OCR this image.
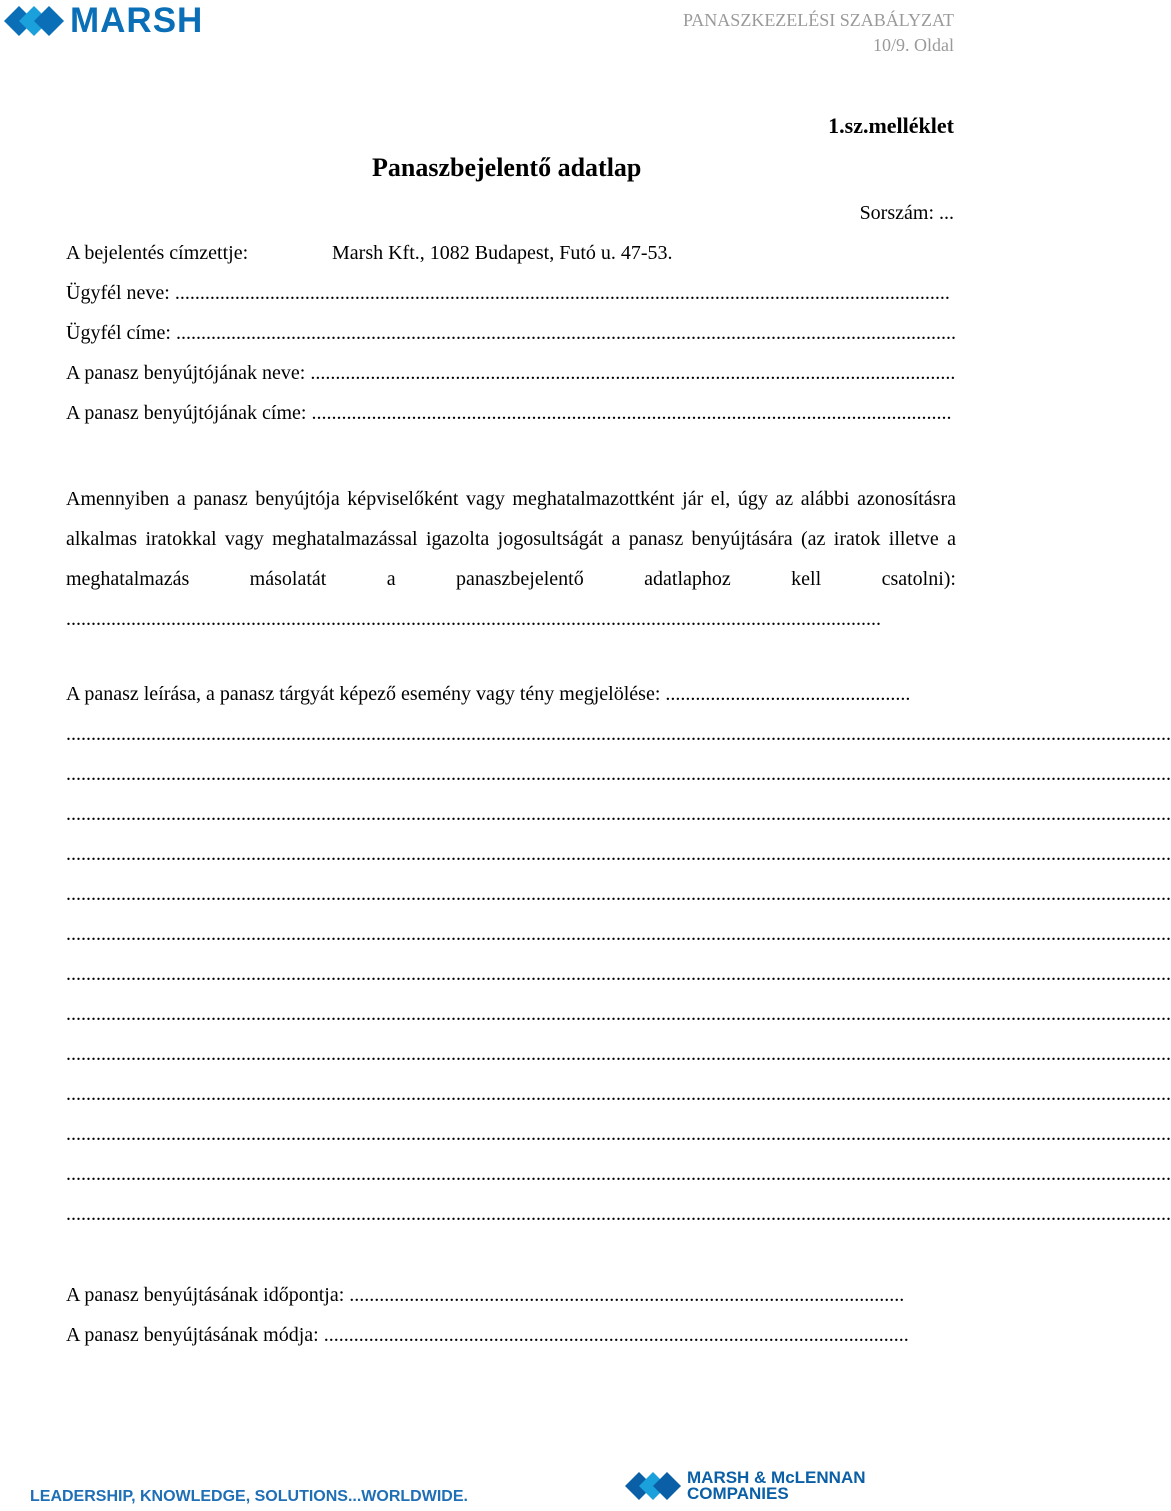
MARSH	PANASZKEZELÉSI SZABÁLYZAT
10/9. Oldal
1.sz.melléklet
Panaszbejelentő adatlap
Sorszám: ...
A bejelentés címzettje:	Marsh Kft., 1082 Budapest, Futó u. 47-53.
Ügyfél neve: ...........................................................................................................................................................
Ügyfél címe: ............................................................................................................................................................
A panasz benyújtójának neve: .................................................................................................................................
A panasz benyújtójának címe: ................................................................................................................................
Amennyiben a panasz benyújtója képviselőként vagy meghatalmazottként jár el, úgy az alábbi azonosításra alkalmas iratokkal vagy meghatalmazással igazolta jogosultságát a panasz benyújtására (az iratok illetve a meghatalmazás másolatát a panaszbejelentő adatlaphoz kell csatolni): ...................................................................................................................................................................
A panasz leírása, a panasz tárgyát képező esemény vagy tény megjelölése: .................................................
.............................................................................................................................................................................................................................
.............................................................................................................................................................................................................................
.............................................................................................................................................................................................................................
.............................................................................................................................................................................................................................
.............................................................................................................................................................................................................................
.............................................................................................................................................................................................................................
.............................................................................................................................................................................................................................
.............................................................................................................................................................................................................................
.............................................................................................................................................................................................................................
.............................................................................................................................................................................................................................
.............................................................................................................................................................................................................................
.............................................................................................................................................................................................................................
.............................................................................................................................................................................................................................
A panasz benyújtásának időpontja: ...............................................................................................................
A panasz benyújtásának módja: .....................................................................................................................
LEADERSHIP, KNOWLEDGE, SOLUTIONS...WORLDWIDE.
MARSH & McLENNAN
COMPANIES
